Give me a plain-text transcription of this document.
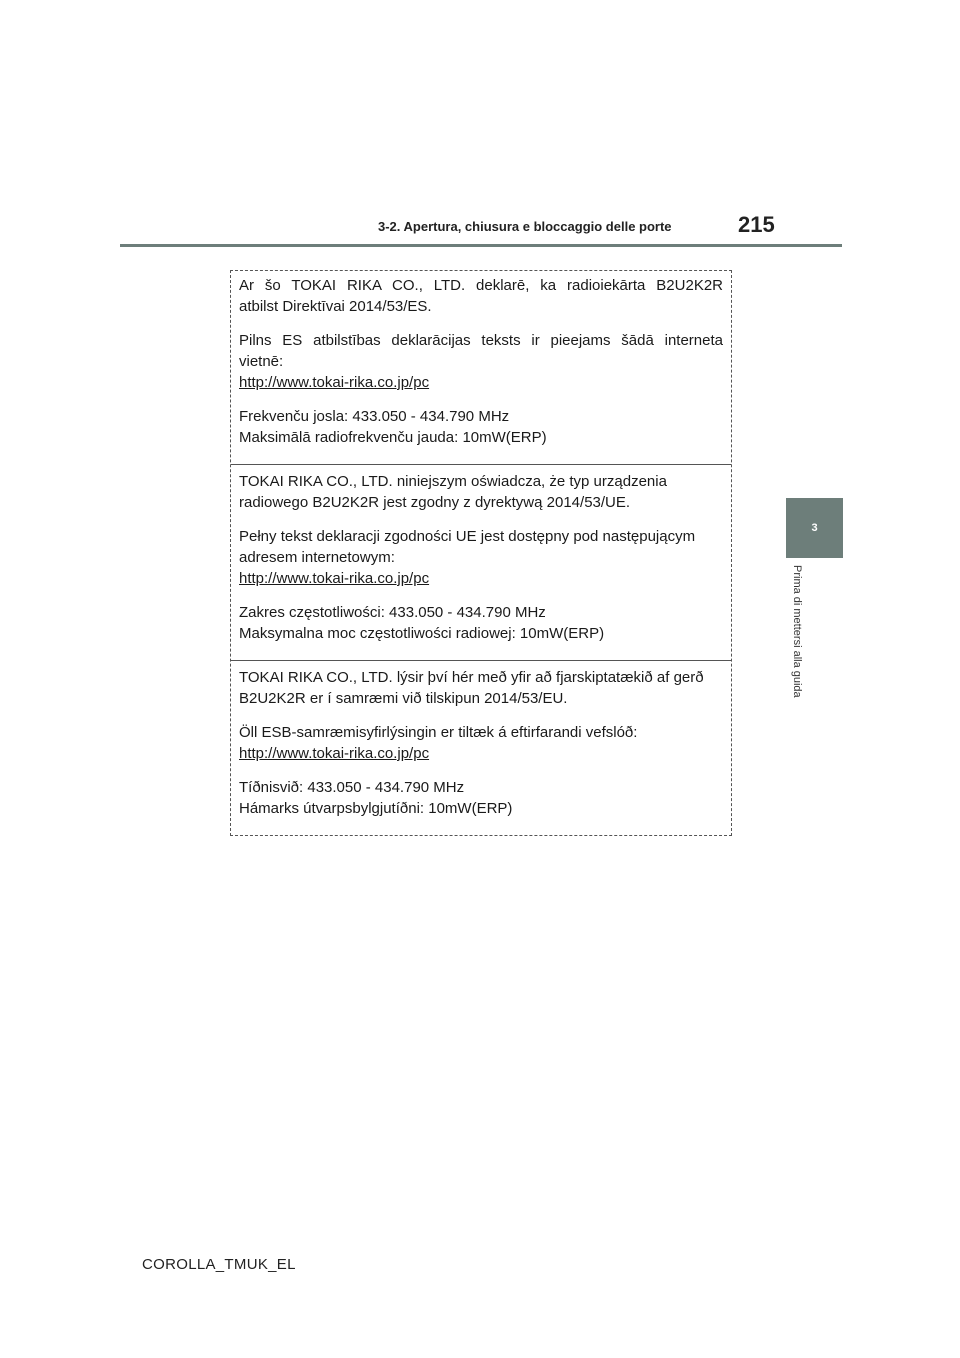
3-2. Apertura, chiusura e bloccaggio delle porte	215
3
Prima di mettersi alla guida

Ar šo TOKAI RIKA CO., LTD. deklarē, ka radioiekārta B2U2K2R
atbilst Direktīvai 2014/53/ES.

Pilns ES atbilstības deklarācijas teksts ir pieejams šādā interneta
vietnē:
http://www.tokai-rika.co.jp/pc

Frekvenču josla: 433.050 - 434.790 MHz
Maksimālā radiofrekvenču jauda: 10mW(ERP)

TOKAI RIKA CO., LTD. niniejszym oświadcza, że typ urządzenia
radiowego B2U2K2R jest zgodny z dyrektywą 2014/53/UE.

Pełny tekst deklaracji zgodności UE jest dostępny pod następującym
adresem internetowym:
http://www.tokai-rika.co.jp/pc

Zakres częstotliwości: 433.050 - 434.790 MHz
Maksymalna moc częstotliwości radiowej: 10mW(ERP)

TOKAI RIKA CO., LTD. lýsir því hér með yfir að fjarskiptatækið af gerð
B2U2K2R er í samræmi við tilskipun 2014/53/EU.

Öll ESB-samræmisyfirlýsingin er tiltæk á eftirfarandi vefslóð:
http://www.tokai-rika.co.jp/pc

Tíðnisvið: 433.050 - 434.790 MHz
Hámarks útvarpsbylgjutíðni: 10mW(ERP)

COROLLA_TMUK_EL
